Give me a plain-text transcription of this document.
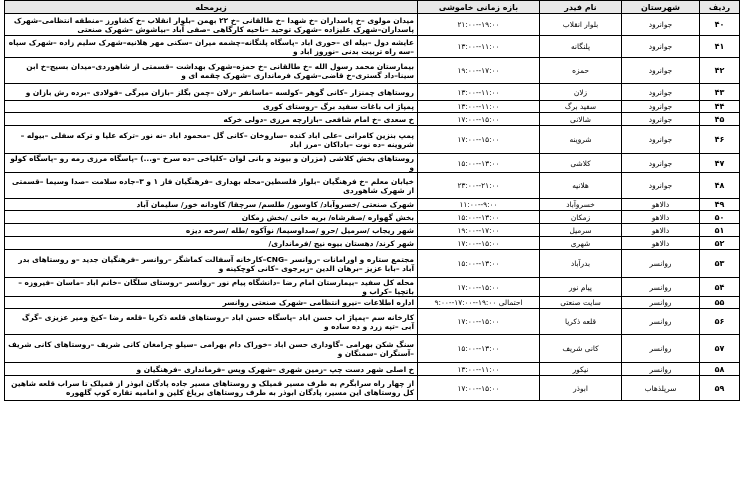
ردیف	شهرستان	نام فیدر	بازه زمانی خاموشی	زیرمحله
۴۰	جوانرود	بلوار انقلاب	۱۹:۰۰--۲۱:۰۰	میدان مولوی –خ پاسداران –خ شهدا –خ طالقانی –خ ۲۲ بهمن –بلوار انقلاب –خ کشاورز –منطقه انتظامی–شهرک پاسداران–شهرک علیزاده –شهرک توحید –ناحیه کارگاهی –صفی آباد –بیاشوش –شهرک صنعتی
۴۱	جوانرود	پلنگانه	۱۱:۰۰--۱۳:۰۰	عایشه دول –بیله ای –حوری اباد –پاسگاه پلنگانه–چشمه میران –سکنی مهر هلانیه–شهرک سلیم زاده –شهرک سپاه –سه راه تربیت بدنی –نوروز اباد و
۴۲	جوانرود	حمزه	۱۷:۰۰--۱۹:۰۰	بیمارستان محمد رسول الله –خ طالقانی –خ حمزه–شهرک بهداشت –قسمتی از شاهوردی–میدان بسیج–خ ابن سینا–داد گستری–خ قاضی–شهرک فرمانداری –شهرک چقمه ای و
۴۳	جوانرود	زلان	۱۱:۰۰--۱۳:۰۰	روستاهای چمنزار –کانی گوهر –کولسه –ماسانفر –زلان –چمن بگلز –بازان میرگی –فولادی –برده رش بازان و
۴۴	جوانرود	سفید برگ	۱۱:۰۰--۱۳:۰۰	پمپاژ اب باغات سفید برگ –روستای کوری
۴۵	جوانرود	شالانی	۱۵:۰۰--۱۷:۰۰	خ سعدی –خ امام شافعی –بازارچه مرزی –دولی خرکه
۴۶	جوانرود	شروینه	۱۵:۰۰--۱۷:۰۰	پمپ بنزین کامرانی –علی اباد کنده –ساروخان –کانی گل –محمود اباد –نه نور –ترکه علیا و ترکه سفلی –بیوله –شروینه –ده نوت –باداکان –مرز اباد
۴۷	جوانرود	کلاشی	۱۳:۰۰--۱۵:۰۰	روستاهای بخش کلاشی (مزران و بیوند و بانی لوان –کلیاخی –ده سرخ –و...) –پاسگاه مرزی رمه رو –پاسگاه کولو و
۴۸	جوانرود	هلانیه	۲۱:۰۰--۲۳:۰۰	خیابان معلم –خ فرهنگیان –بلوار فلسطین–محله بهداری –فرهنگیان فاز ۱ و ۳–جاده سلامت –صدا وسیما –قسمتی از شهرک شاهوردی
۴۹	دالاهو	خسروآباد	۹:۰۰--۱۱:۰۰	شهرک صنعتی /خسروآباد/ کاوسور/ طلسم/ سرچقا/ کاودانه خور/ سلیمان آباد
۵۰	دالاهو	زمکان	۱۳:۰۰--۱۵:۰۰	بخش گهواره /صفرشاه/ بریه خانی /بخش زمکان
۵۱	دالاهو	سرمیل	۱۷:۰۰--۱۹:۰۰	شهر ریجاب /سرمیل /حرو /صداوسیما/ نوآکوه /طله /سرخه دیزه
۵۲	دالاهو	شهری	۱۵:۰۰--۱۷:۰۰	شهر کرند/ دهستان بیوه نیج /فرمانداری/
۵۳	روانسر	بدرآباد	۱۳:۰۰--۱۵:۰۰	مجتمع ستاره و اورامانات –روانسر –CNG–کارخانه آسفالت کماشگر –روانسر –فرهنگیان جدید –و روستاهای بدر آباد –بابا عزیز –برهان الدین –زیرجوی –کانی کوچکینه و
۵۴	روانسر	پیام نور	۱۵:۰۰--۱۷:۰۰	محله کل سفید –بیمارستان امام رضا –دانشگاه پیام نور –روانسر –روستای سلگان –خانم اباد –ماسان –فیروزه –باتچیا –کراب و
۵۵	روانسر	سایت صنعتی	احتمالی ۱۹:۰۰--۱۷:۰۰--۹:۰۰	اداره اطلاعات –نیرو انتظامی –شهرک صنعتی روانسر
۵۶	روانسر	قلعه ذکریا	۱۵:۰۰--۱۷:۰۰	کارخانه سم –پمپاژ اب حسن اباد –پاسگاه حسن اباد –روستاهای قلعه ذکریا –قلعه رضا –کیخ ومیر عزیزی –گرگ آبی –تپه زرد و ده ساده و
۵۷	روانسر	کانی شریف	۱۳:۰۰--۱۵:۰۰	سنگ شکن بهرامی –گاوداری حسن اباد –خوراک دام بهرامی –سیلو چرامغان کانی شریف –روستاهای کانی شریف –آسنگران –سمنگان و
۵۸	روانسر	نیکور	۱۱:۰۰--۱۳:۰۰	خ اصلی شهر دست چپ –زمین شهری –شهرک ویس –فرمانداری –فرهنگیان و
۵۹	سرپلذهاب	ابوذر	۱۵:۰۰--۱۷:۰۰	از چهار راه سرابگرم به طرف مسیر قمیلک و روستاهای مسیر جاده پادگان ابوذر از قمیلک تا سراب قلعه شاهین کل روستاهای این مسیر، پادگان ابوذر به طرف روستاهای بریاغ کلین و امامیه تقاره کوپ گلهوره
